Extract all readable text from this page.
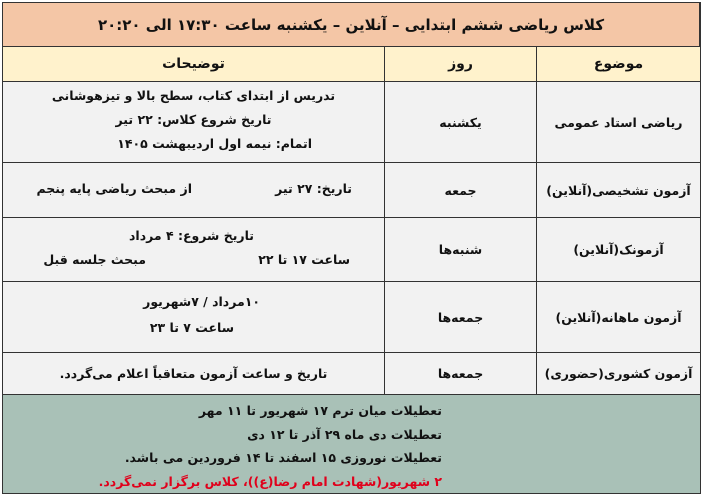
کلاس ریاضی ششم ابتدایی – آنلاین – یکشنبه ساعت ۱۷:۳۰ الی ۲۰:۲۰
موضوع
روز
توضیحات
ریاضی استاد عمومی
یکشنبه
تدریس از ابتدای کتاب، سطح بالا و تیزهوشانی
تاریخ شروع کلاس: ۲۲ تیر
اتمام: نیمه اول اردیبهشت ۱۴۰۵
آزمون تشخیصی(آنلاین)
جمعه
تاریخ: ۲۷ تیر
از مبحث ریاضی پایه پنجم
آزمونک(آنلاین)
شنبه‌ها
تاریخ شروع: ۴ مرداد
ساعت ۱۷ تا ۲۲
مبحث جلسه قبل
آزمون ماهانه(آنلاین)
جمعه‌ها
۱۰مرداد / ۷شهریور
ساعت ۷ تا ۲۳
آزمون کشوری(حضوری)
جمعه‌ها
تاریخ و ساعت آزمون متعاقباً اعلام می‌گردد.
تعطیلات میان ترم ۱۷ شهریور تا ۱۱ مهر
تعطیلات دی ماه ۲۹ آذر تا ۱۲ دی
تعطیلات نوروزی ۱۵ اسفند تا ۱۴ فروردین می باشد.
۲ شهریور(شهادت امام رضا(ع))، کلاس برگزار نمی‌گردد.
